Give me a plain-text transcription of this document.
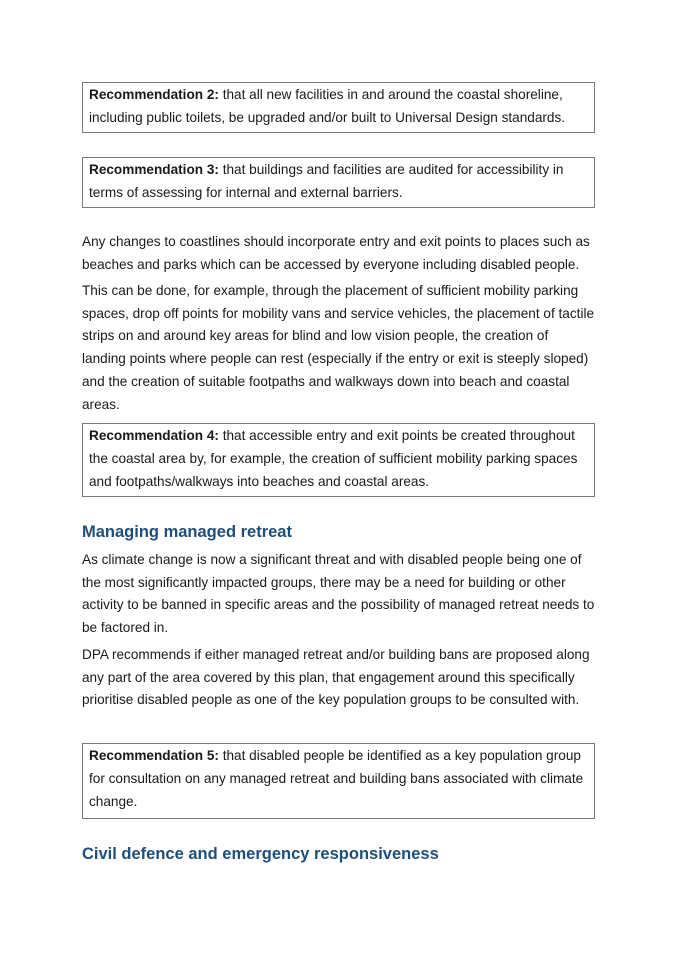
Recommendation 2: that all new facilities in and around the coastal shoreline, including public toilets, be upgraded and/or built to Universal Design standards.
Recommendation 3: that buildings and facilities are audited for accessibility in terms of assessing for internal and external barriers.

Any changes to coastlines should incorporate entry and exit points to places such as beaches and parks which can be accessed by everyone including disabled people.

This can be done, for example, through the placement of sufficient mobility parking spaces, drop off points for mobility vans and service vehicles, the placement of tactile strips on and around key areas for blind and low vision people, the creation of landing points where people can rest (especially if the entry or exit is steeply sloped) and the creation of suitable footpaths and walkways down into beach and coastal areas.

Recommendation 4: that accessible entry and exit points be created throughout the coastal area by, for example, the creation of sufficient mobility parking spaces and footpaths/walkways into beaches and coastal areas.
Managing managed retreat

As climate change is now a significant threat and with disabled people being one of the most significantly impacted groups, there may be a need for building or other activity to be banned in specific areas and the possibility of managed retreat needs to be factored in.

DPA recommends if either managed retreat and/or building bans are proposed along any part of the area covered by this plan, that engagement around this specifically prioritise disabled people as one of the key population groups to be consulted with.

Recommendation 5: that disabled people be identified as a key population group for consultation on any managed retreat and building bans associated with climate change.
Civil defence and emergency responsiveness
